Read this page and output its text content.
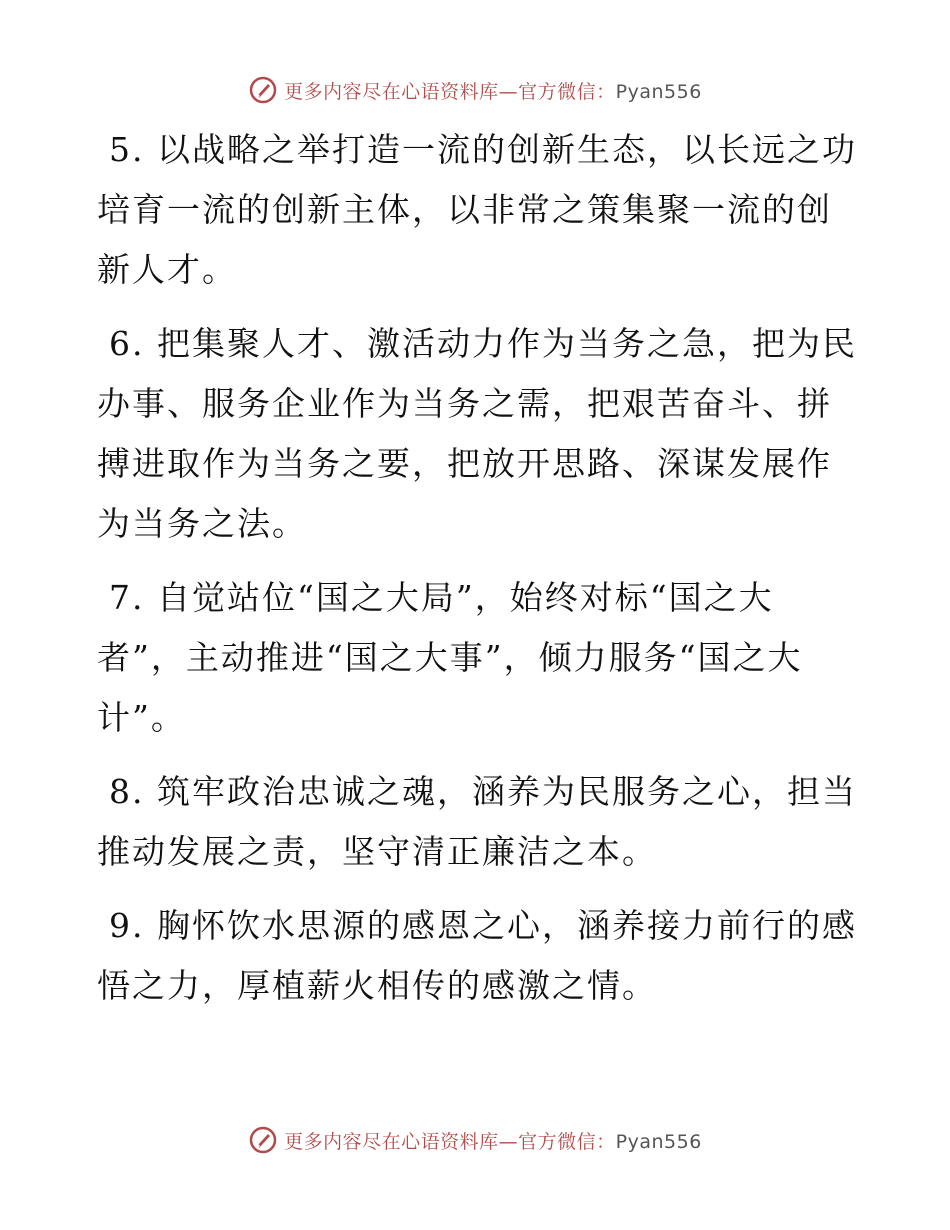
更多内容尽在心语资料库—官方微信：Pyan556

5. 以战略之举打造一流的创新生态，以长远之功培育一流的创新主体，以非常之策集聚一流的创新人才。

6. 把集聚人才、激活动力作为当务之急，把为民办事、服务企业作为当务之需，把艰苦奋斗、拼搏进取作为当务之要，把放开思路、深谋发展作为当务之法。

7. 自觉站位“国之大局”，始终对标“国之大者”，主动推进“国之大事”，倾力服务“国之大计”。

8. 筑牢政治忠诚之魂，涵养为民服务之心，担当推动发展之责，坚守清正廉洁之本。

9. 胸怀饮水思源的感恩之心，涵养接力前行的感悟之力，厚植薪火相传的感激之情。

更多内容尽在心语资料库—官方微信：Pyan556
